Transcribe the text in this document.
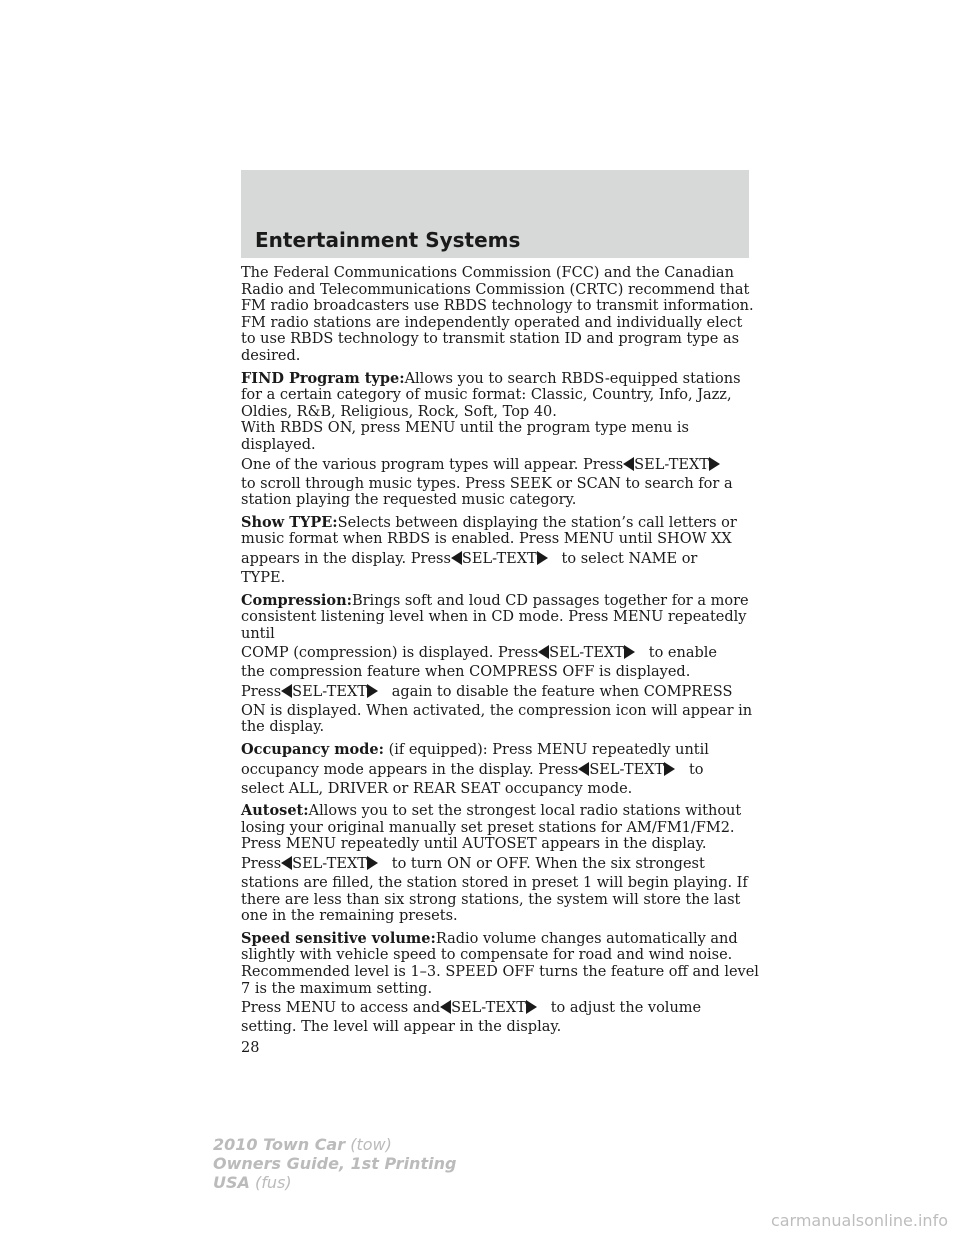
Entertainment Systems

The Federal Communications Commission (FCC) and the Canadian Radio and Telecommunications Commission (CRTC) recommend that FM radio broadcasters use RBDS technology to transmit information. FM radio stations are independently operated and individually elect to use RBDS technology to transmit station ID and program type as desired.

FIND Program type:Allows you to search RBDS-equipped stations for a certain category of music format: Classic, Country, Info, Jazz, Oldies, R&B, Religious, Rock, Soft, Top 40.

With RBDS ON, press MENU until the program type menu is displayed.

One of the various program types will appear. Press SEL-TEXT

to scroll through music types. Press SEEK or SCAN to search for a station playing the requested music category.

Show TYPE:Selects between displaying the station’s call letters or music format when RBDS is enabled. Press MENU until SHOW XX

appears in the display. Press SEL-TEXT to select NAME or

TYPE.

Compression:Brings soft and loud CD passages together for a more consistent listening level when in CD mode. Press MENU repeatedly until

COMP (compression) is displayed. Press SEL-TEXT to enable

the compression feature when COMPRESS OFF is displayed.

Press SEL-TEXT again to disable the feature when COMPRESS

ON is displayed. When activated, the compression icon will appear in the display.

Occupancy mode: (if equipped): Press MENU repeatedly until

occupancy mode appears in the display. Press SEL-TEXT to

select ALL, DRIVER or REAR SEAT occupancy mode.

Autoset:Allows you to set the strongest local radio stations without losing your original manually set preset stations for AM/FM1/FM2. Press MENU repeatedly until AUTOSET appears in the display.

Press SEL-TEXT to turn ON or OFF. When the six strongest

stations are filled, the station stored in preset 1 will begin playing. If there are less than six strong stations, the system will store the last one in the remaining presets.

Speed sensitive volume:Radio volume changes automatically and slightly with vehicle speed to compensate for road and wind noise. Recommended level is 1–3. SPEED OFF turns the feature off and level 7 is the maximum setting.

Press MENU to access and SEL-TEXT to adjust the volume

setting. The level will appear in the display.

28
2010 Town Car (tow)
Owners Guide, 1st Printing
USA (fus)
carmanualsonline.info
